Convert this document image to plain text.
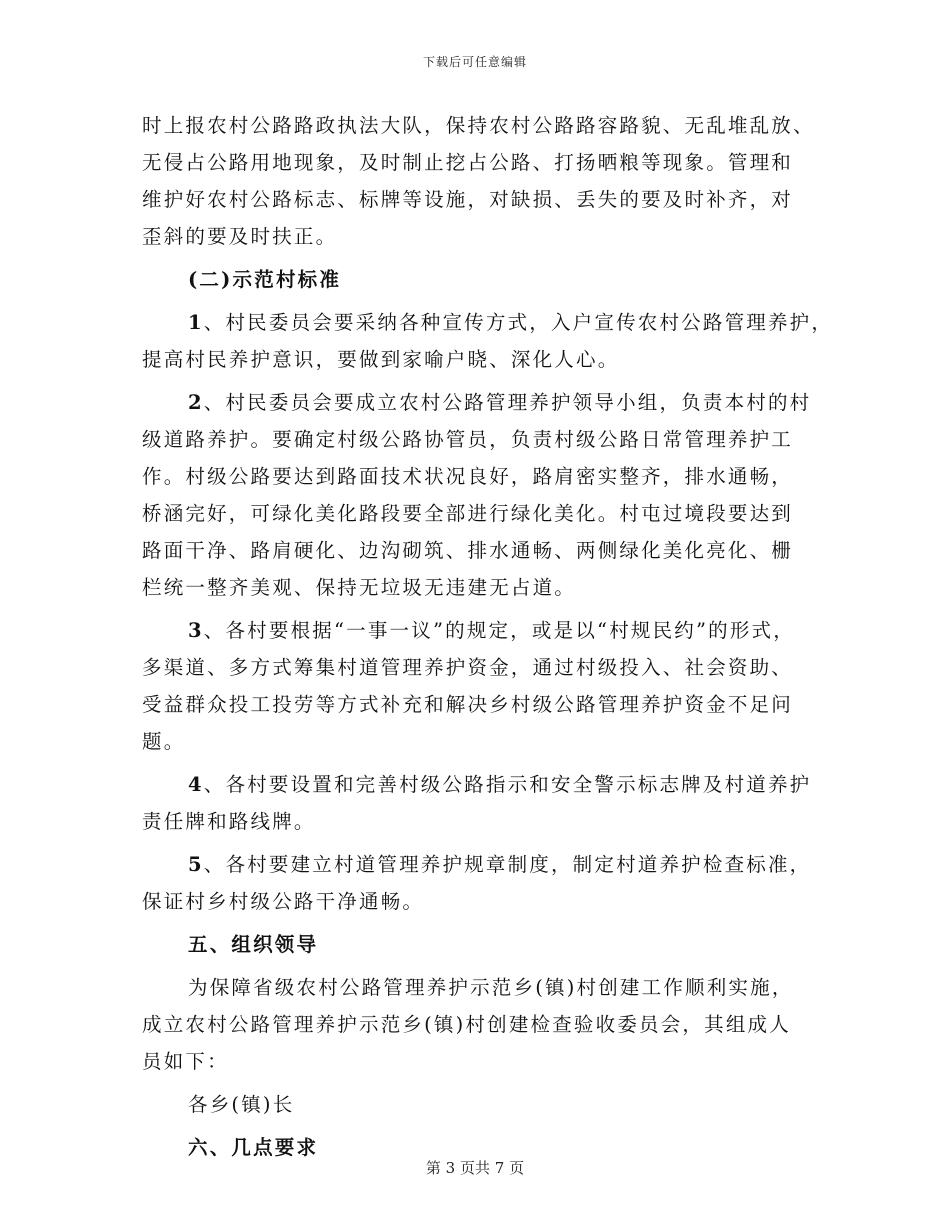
下载后可任意编辑
时上报农村公路路政执法大队，保持农村公路路容路貌、无乱堆乱放、
无侵占公路用地现象，及时制止挖占公路、打扬晒粮等现象。管理和
维护好农村公路标志、标牌等设施，对缺损、丢失的要及时补齐，对
歪斜的要及时扶正。
(二)示范村标准
1、村民委员会要采纳各种宣传方式，入户宣传农村公路管理养护，
提高村民养护意识，要做到家喻户晓、深化人心。
2、村民委员会要成立农村公路管理养护领导小组，负责本村的村
级道路养护。要确定村级公路协管员，负责村级公路日常管理养护工
作。村级公路要达到路面技术状况良好，路肩密实整齐，排水通畅，
桥涵完好，可绿化美化路段要全部进行绿化美化。村屯过境段要达到
路面干净、路肩硬化、边沟砌筑、排水通畅、两侧绿化美化亮化、栅
栏统一整齐美观、保持无垃圾无违建无占道。
3、各村要根据“一事一议”的规定，或是以“村规民约”的形式，
多渠道、多方式筹集村道管理养护资金，通过村级投入、社会资助、
受益群众投工投劳等方式补充和解决乡村级公路管理养护资金不足问
题。
4、各村要设置和完善村级公路指示和安全警示标志牌及村道养护
责任牌和路线牌。
5、各村要建立村道管理养护规章制度，制定村道养护检查标准，
保证村乡村级公路干净通畅。
五、组织领导
为保障省级农村公路管理养护示范乡(镇)村创建工作顺利实施，
成立农村公路管理养护示范乡(镇)村创建检查验收委员会，其组成人
员如下：
各乡(镇)长
六、几点要求
第 3 页共 7 页
